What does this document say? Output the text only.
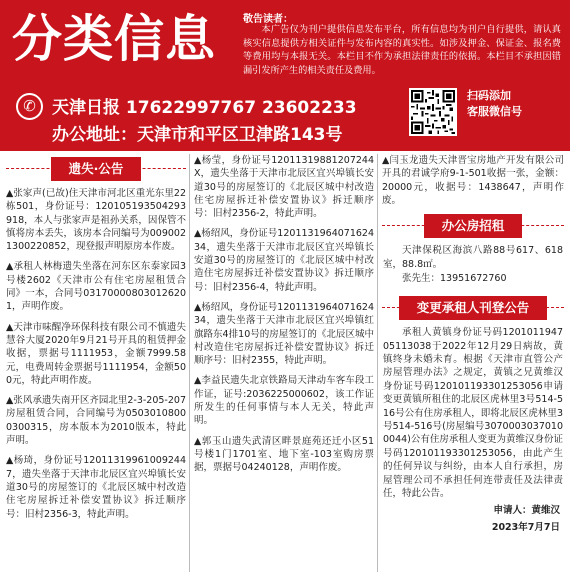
分类信息	敬告读者：
本广告仅为刊户提供信息发布平台，所有信息均为刊户自行提供，请认真核实信息提供方相关证件与发布内容的真实性。如涉及押金、保证金、报名费等费用均与本报无关。本栏目不作为承担法律责任的依据。本栏目不承担因错漏引发所产生的相关责任及费用。
✆ 天津日报 17622997767 23602233
办公地址：天津市和平区卫津路143号
扫码添加
客服微信号
遗失·公告
▲张家声(已故)住天津市河北区重光东里22栋501，身份证号：120105193504293918，本人与张家声是祖孙关系，因保管不慎将房本丢失，该房本合同编号为0090021300220852，现登报声明原房本作废。
▲承租人林梅遗失坐落在河东区东泰家园3号楼2602《天津市公有住宅房屋租赁合同》一本，合同号031700008030126201，声明作废。
▲天津市味醒净环保科技有限公司不慎遗失慧谷大厦2020年9月21号开具的租赁押金收据，票据号1111953，金额7999.58元，电费周转金票据号1111954，金额500元，特此声明作废。
▲张风承遗失南开区齐园北里2-3-205-207房屋租赁合同，合同编号为05030108000300315，房本版本为2010版本，特此声明。
▲杨琦，身份证号120113199610092447，遗失坐落于天津市北辰区宜兴埠镇长安道30号的房屋签订的《北辰区城中村改造住宅房屋拆迁补偿安置协议》拆迁顺序号：旧村2356-3，特此声明。
▲杨莹，身份证号120113198812072​44X，遗失坐落于天津市北辰区宜兴埠镇长安道30号的房屋签订的《北辰区城中村改造住宅房屋拆迁补偿安置协议》拆迁顺序号：旧村2356-2，特此声明。
▲杨绍风，身份证号120113196407162434，遗失坐落于天津市北辰区宜兴埠镇长安道30号的房屋签订的《北辰区城中村改造住宅房屋拆迁补偿安置协议》拆迁顺序号：旧村2356-4，特此声明。
▲杨绍风，身份证号120113196407162434，遗失坐落于天津市北辰区宜兴埠镇红旗路东4排10号的房屋签订的《北辰区城中村改造住宅房屋拆迁补偿安置协议》拆迁顺序号：旧村2355，特此声明。
▲李益民遗失北京铁路局天津动车客车段工作证，证号:2036225000602，该工作证所发生的任何事情与本人无关，特此声明。
▲郭玉山遗失武清区畔景庭苑还迁小区51号楼1门1701室、地下室-103室购房票据，票据号04240128，声明作废。
▲闫玉龙遗失天津晋宝房地产开发有限公司开具的君诚学府9-1-501收据一张，金额：20000元，收据号：1438647，声明作废。
办公房招租
天津保税区海滨八路88号617、618室，88.8㎡。
张先生：13951672760
变更承租人刊登公告
承租人黄镇身份证号码120101194705113038于2022年12月29日病故，黄镇终身未婚未育。根据《天津市直管公产房屋管理办法》之规定，黄镇之兄黄维汉身份证号码120101193301253056申请变更黄镇所租住的北辰区虎林里3号514-516号公有住房承租人，即将北辰区虎林里3号514-516号(房屋编号30700030370100044)公有住房承租人变更为黄维汉身份证号码120101193301253056，由此产生的任何异议与纠纷，由本人自行承担，房屋管理公司不承担任何连带责任及法律责任，特此公告。
申请人：黄维汉
2023年7月7日
